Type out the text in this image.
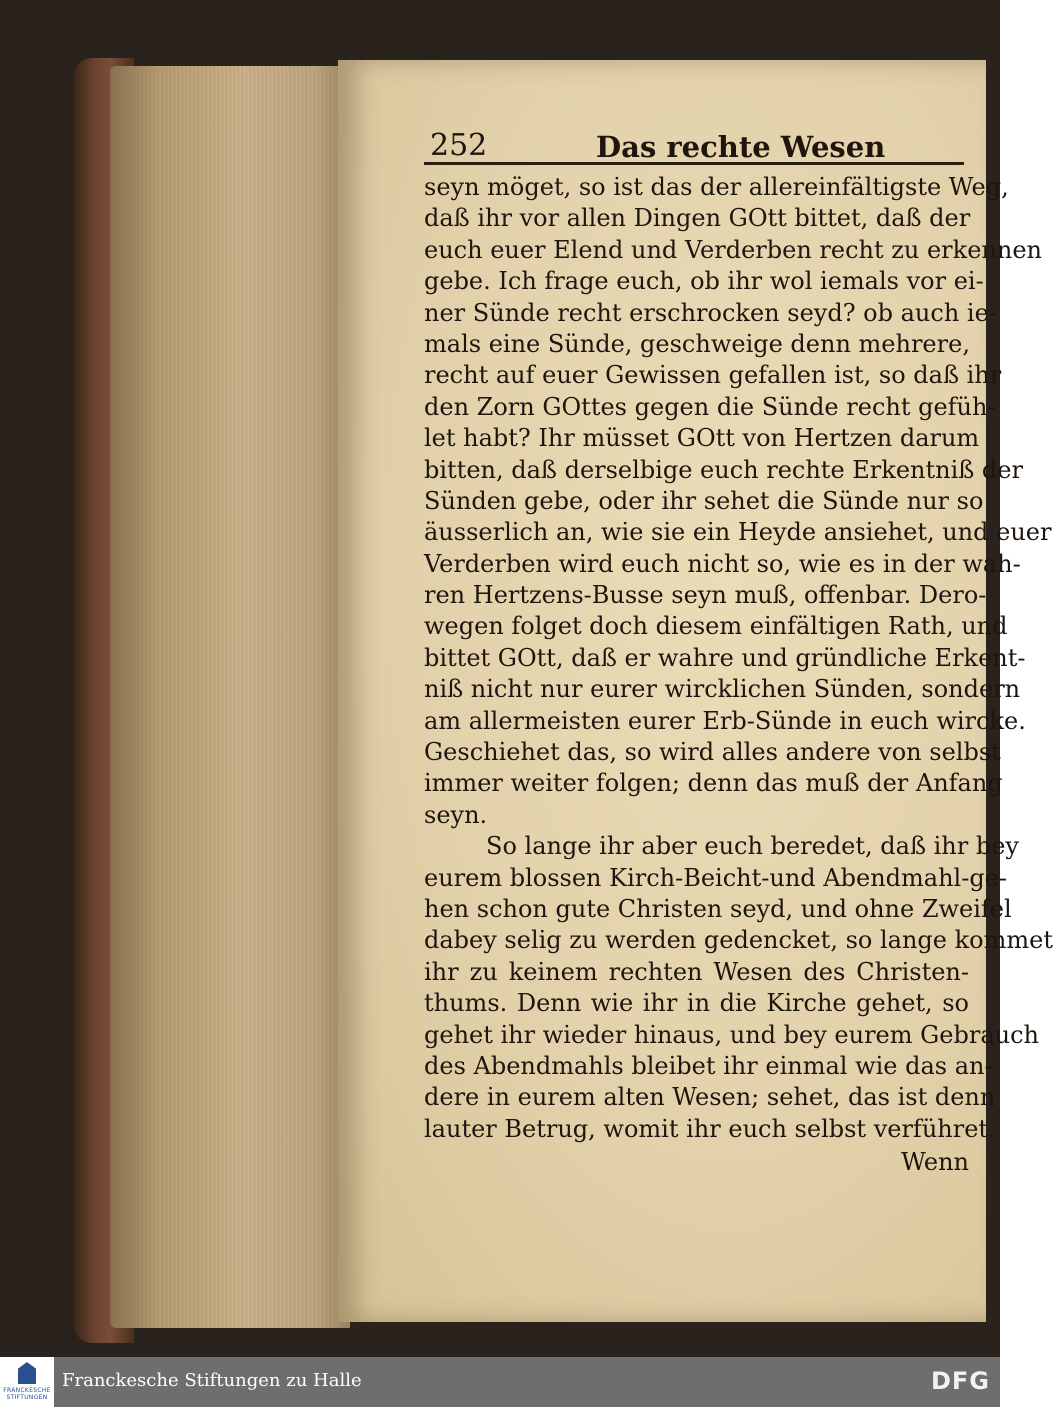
252	Das rechte Wesen
seyn möget, so ist das der allereinfältigste Weg,
daß ihr vor allen Dingen GOtt bittet, daß der
euch euer Elend und Verderben recht zu erkennen
gebe. Ich frage euch, ob ihr wol iemals vor ei-
ner Sünde recht erschrocken seyd? ob auch ie-
mals eine Sünde, geschweige denn mehrere,
recht auf euer Gewissen gefallen ist, so daß ihr
den Zorn GOttes gegen die Sünde recht gefüh-
let habt? Ihr müsset GOtt von Hertzen darum
bitten, daß derselbige euch rechte Erkentniß der
Sünden gebe, oder ihr sehet die Sünde nur so
äusserlich an, wie sie ein Heyde ansiehet, und euer
Verderben wird euch nicht so, wie es in der wah-
ren Hertzens-Busse seyn muß, offenbar. Dero-
wegen folget doch diesem einfältigen Rath, und
bittet GOtt, daß er wahre und gründliche Erkent-
niß nicht nur eurer wircklichen Sünden, sondern
am allermeisten eurer Erb-Sünde in euch wircke.
Geschiehet das, so wird alles andere von selbst
immer weiter folgen; denn das muß der Anfang
seyn.
So lange ihr aber euch beredet, daß ihr bey
eurem blossen Kirch-Beicht-und Abendmahl-ge-
hen schon gute Christen seyd, und ohne Zweifel
dabey selig zu werden gedencket, so lange kommet
ihr zu keinem rechten Wesen des Christen-
thums. Denn wie ihr in die Kirche gehet, so
gehet ihr wieder hinaus, und bey eurem Gebrauch
des Abendmahls bleibet ihr einmal wie das an-
dere in eurem alten Wesen; sehet, das ist denn
lauter Betrug, womit ihr euch selbst verführet.
Wenn
FRANCKESCHE STIFTUNGEN
Franckesche Stiftungen zu Halle	DFG
